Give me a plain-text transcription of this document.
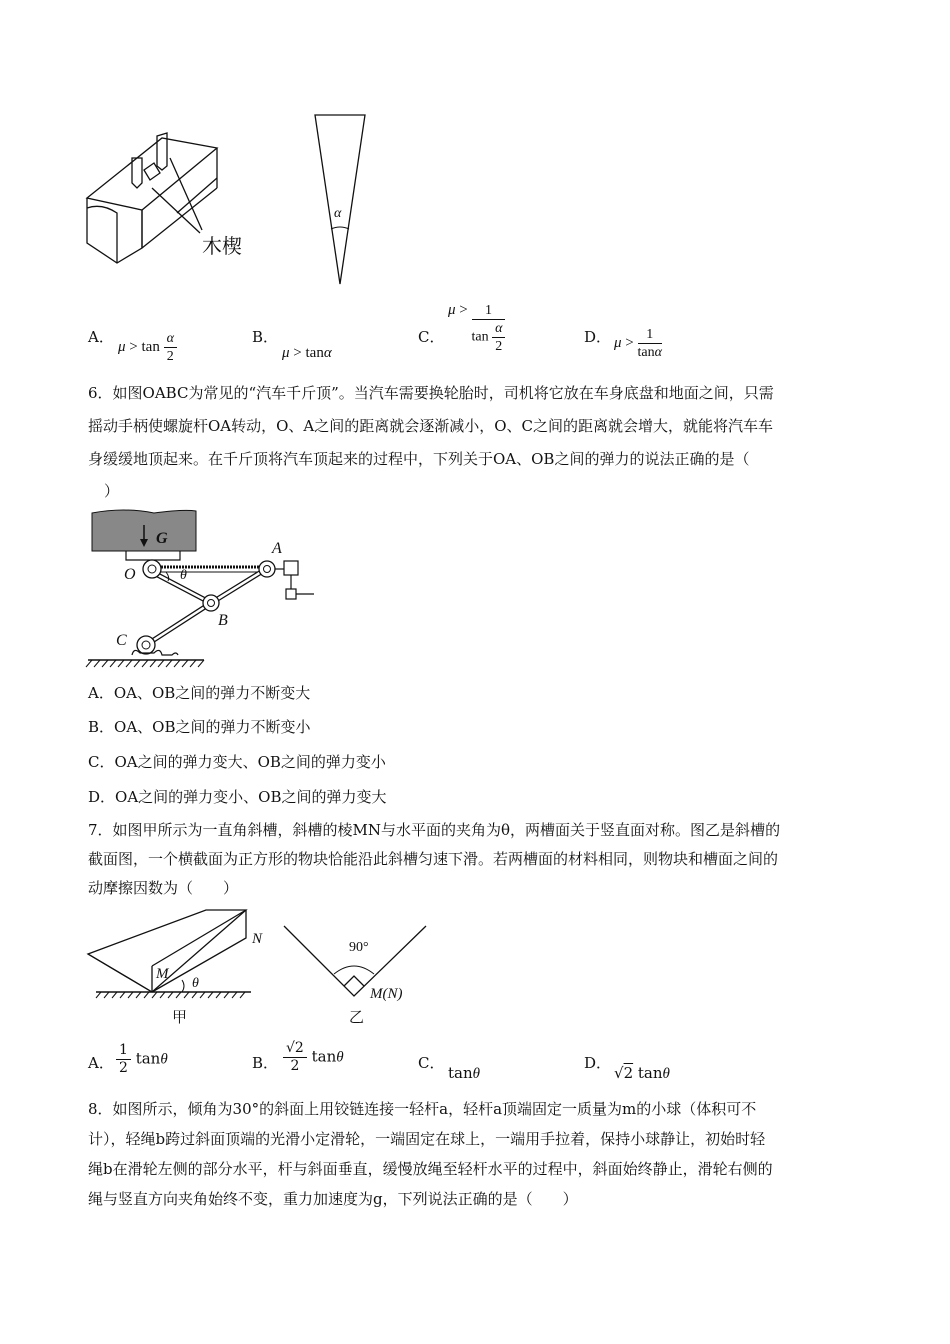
木楔
α
A．
$\mu > \tan \frac{\alpha}{2}$	B．
μ > tanα
C．
$\mu > \frac{1}{\tan \frac{\alpha}{2}}$	D． $\mu > \frac{1}{\tan\alpha}$
6．如图OABC为常见的“汽车千斤顶”。当汽车需要换轮胎时，司机将它放在车身底盘和地面之间，只需
摇动手柄使螺旋杆OA转动，O、A之间的距离就会逐渐减小，O、C之间的距离就会增大，就能将汽车车
身缓缓地顶起来。在千斤顶将汽车顶起来的过程中，下列关于OA、OB之间的弹力的说法正确的是（
）
G
O
A
B
C
θ
A．OA、OB之间的弹力不断变大
B．OA、OB之间的弹力不断变小
C．OA之间的弹力变大、OB之间的弹力变小
D．OA之间的弹力变小、OB之间的弹力变大
7．如图甲所示为一直角斜槽，斜槽的棱MN与水平面的夹角为θ，两槽面关于竖直面对称。图乙是斜槽的
截面图，一个横截面为正方形的物块恰能沿此斜槽匀速下滑。若两槽面的材料相同，则物块和槽面之间的
动摩擦因数为（　　）
M
N
θ
甲
90°
M(N)
乙
A． $\frac{1}{2}$ tanθ	B． $\frac{√2}{2}$ tanθ	C．
tanθ
D．
√2 tanθ
8．如图所示，倾角为30°的斜面上用铰链连接一轻杆a，轻杆a顶端固定一质量为m的小球（体积可不
计），轻绳b跨过斜面顶端的光滑小定滑轮，一端固定在球上，一端用手拉着，保持小球静让，初始时轻
绳b在滑轮左侧的部分水平，杆与斜面垂直，缓慢放绳至轻杆水平的过程中，斜面始终静止，滑轮右侧的
绳与竖直方向夹角始终不变，重力加速度为g，下列说法正确的是（　　）
